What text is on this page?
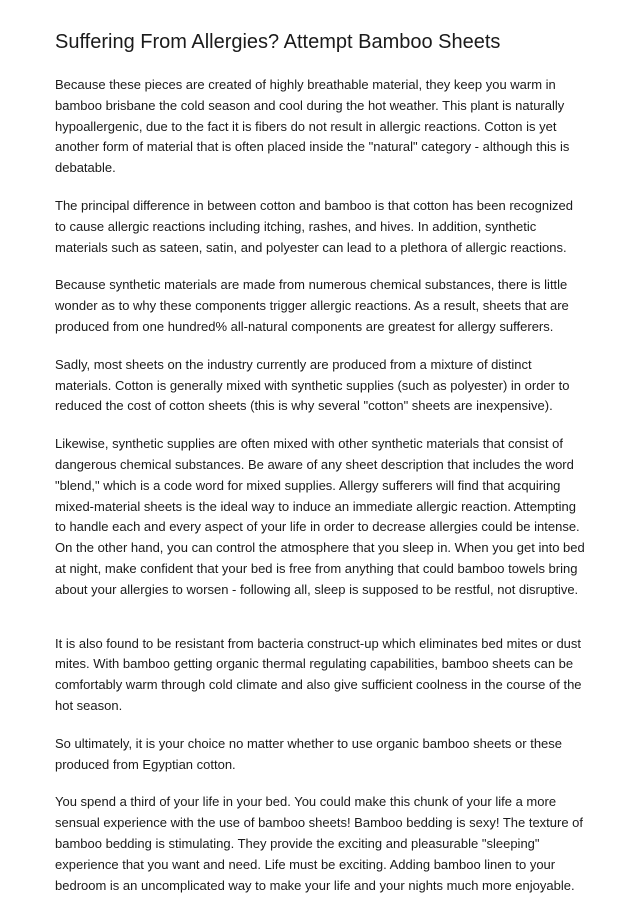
Suffering From Allergies? Attempt Bamboo Sheets

Because these pieces are created of highly breathable material, they keep you warm in bamboo brisbane the cold season and cool during the hot weather. This plant is naturally hypoallergenic, due to the fact it is fibers do not result in allergic reactions. Cotton is yet another form of material that is often placed inside the "natural" category - although this is debatable.

The principal difference in between cotton and bamboo is that cotton has been recognized to cause allergic reactions including itching, rashes, and hives. In addition, synthetic materials such as sateen, satin, and polyester can lead to a plethora of allergic reactions.

Because synthetic materials are made from numerous chemical substances, there is little wonder as to why these components trigger allergic reactions. As a result, sheets that are produced from one hundred% all-natural components are greatest for allergy sufferers.

Sadly, most sheets on the industry currently are produced from a mixture of distinct materials. Cotton is generally mixed with synthetic supplies (such as polyester) in order to reduced the cost of cotton sheets (this is why several "cotton" sheets are inexpensive).

Likewise, synthetic supplies are often mixed with other synthetic materials that consist of dangerous chemical substances. Be aware of any sheet description that includes the word "blend," which is a code word for mixed supplies. Allergy sufferers will find that acquiring mixed-material sheets is the ideal way to induce an immediate allergic reaction. Attempting to handle each and every aspect of your life in order to decrease allergies could be intense. On the other hand, you can control the atmosphere that you sleep in. When you get into bed at night, make confident that your bed is free from anything that could bamboo towels bring about your allergies to worsen - following all, sleep is supposed to be restful, not disruptive.

It is also found to be resistant from bacteria construct-up which eliminates bed mites or dust mites. With bamboo getting organic thermal regulating capabilities, bamboo sheets can be comfortably warm through cold climate and also give sufficient coolness in the course of the hot season.

So ultimately, it is your choice no matter whether to use organic bamboo sheets or these produced from Egyptian cotton.

You spend a third of your life in your bed. You could make this chunk of your life a more sensual experience with the use of bamboo sheets! Bamboo bedding is sexy! The texture of bamboo bedding is stimulating. They provide the exciting and pleasurable "sleeping" experience that you want and need. Life must be exciting. Adding bamboo linen to your bedroom is an uncomplicated way to make your life and your nights much more enjoyable.
